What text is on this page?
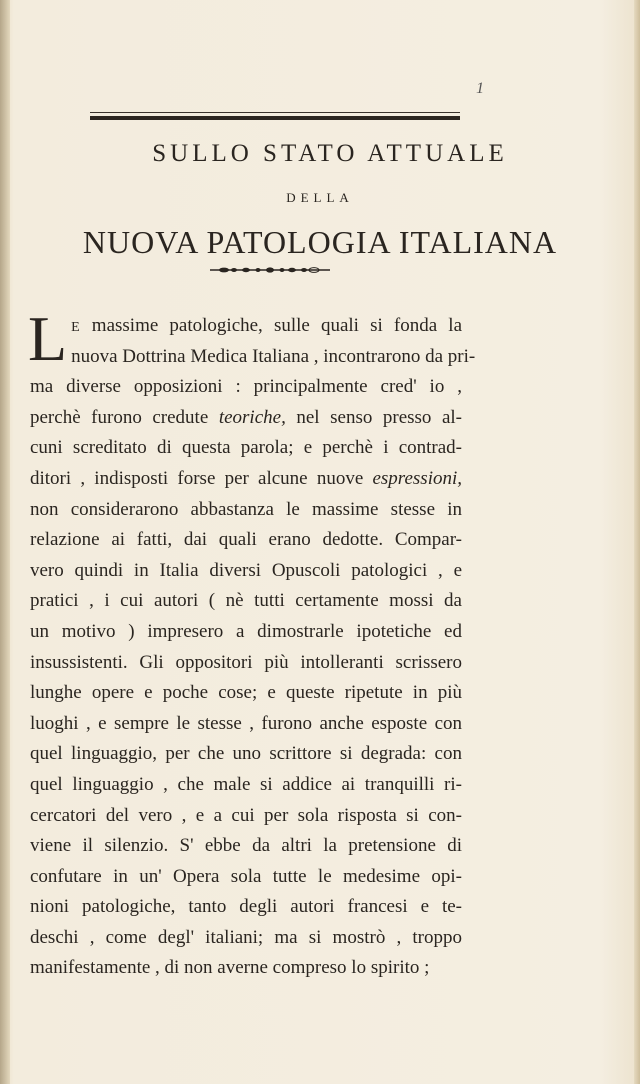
1
SULLO STATO ATTUALE
DELLA
NUOVA PATOLOGIA ITALIANA
L E massime patologiche, sulle quali si fonda la
nuova Dottrina Medica Italiana , incontrarono da pri-
ma diverse opposizioni : principalmente cred' io ,
perchè furono credute teoriche, nel senso presso al-
cuni screditato di questa parola; e perchè i contrad-
ditori , indisposti forse per alcune nuove espressioni,
non considerarono abbastanza le massime stesse in
relazione ai fatti, dai quali erano dedotte. Compar-
vero quindi in Italia diversi Opuscoli patologici , e
pratici , i cui autori ( nè tutti certamente mossi da
un motivo ) impresero a dimostrarle ipotetiche ed
insussistenti. Gli oppositori più intolleranti scrissero
lunghe opere e poche cose; e queste ripetute in più
luoghi , e sempre le stesse , furono anche esposte con
quel linguaggio, per che uno scrittore si degrada: con
quel linguaggio , che male si addice ai tranquilli ri-
cercatori del vero , e a cui per sola risposta si con-
viene il silenzio. S' ebbe da altri la pretensione di
confutare in un' Opera sola tutte le medesime opi-
nioni patologiche, tanto degli autori francesi e te-
deschi , come degl' italiani; ma si mostrò , troppo
manifestamente , di non averne compreso lo spirito ;
